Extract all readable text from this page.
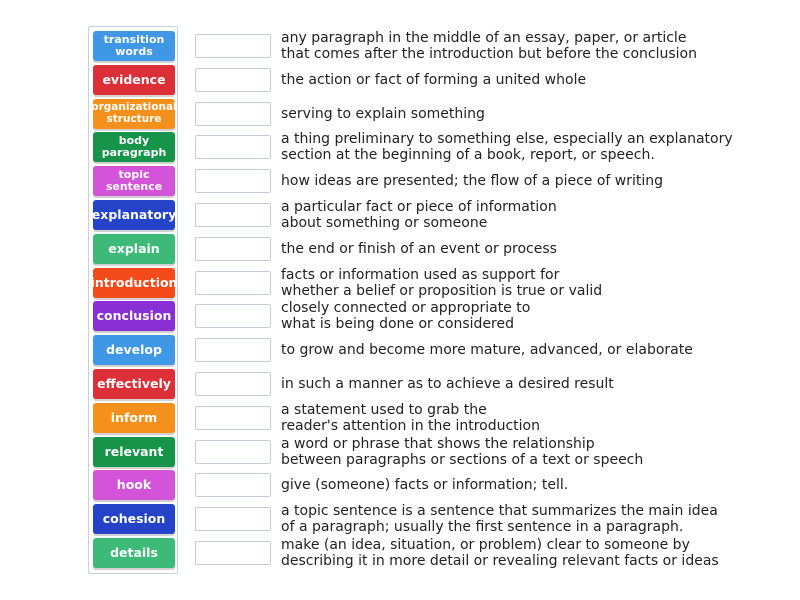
transition
words
evidence
organizational
structure
body
paragraph
topic
sentence
explanatory
explain
introduction
conclusion
develop
effectively
inform
relevant
hook
cohesion
details
any paragraph in the middle of an essay, paper, or article
that comes after the introduction but before the conclusion
the action or fact of forming a united whole
serving to explain something
a thing preliminary to something else, especially an explanatory
section at the beginning of a book, report, or speech.
how ideas are presented; the flow of a piece of writing
a particular fact or piece of information
about something or someone
the end or finish of an event or process
facts or information used as support for
whether a belief or proposition is true or valid
closely connected or appropriate to
what is being done or considered
to grow and become more mature, advanced, or elaborate
in such a manner as to achieve a desired result
a statement used to grab the
reader's attention in the introduction
a word or phrase that shows the relationship
between paragraphs or sections of a text or speech
give (someone) facts or information; tell.
a topic sentence is a sentence that summarizes the main idea
of a paragraph; usually the first sentence in a paragraph.
make (an idea, situation, or problem) clear to someone by
describing it in more detail or revealing relevant facts or ideas
